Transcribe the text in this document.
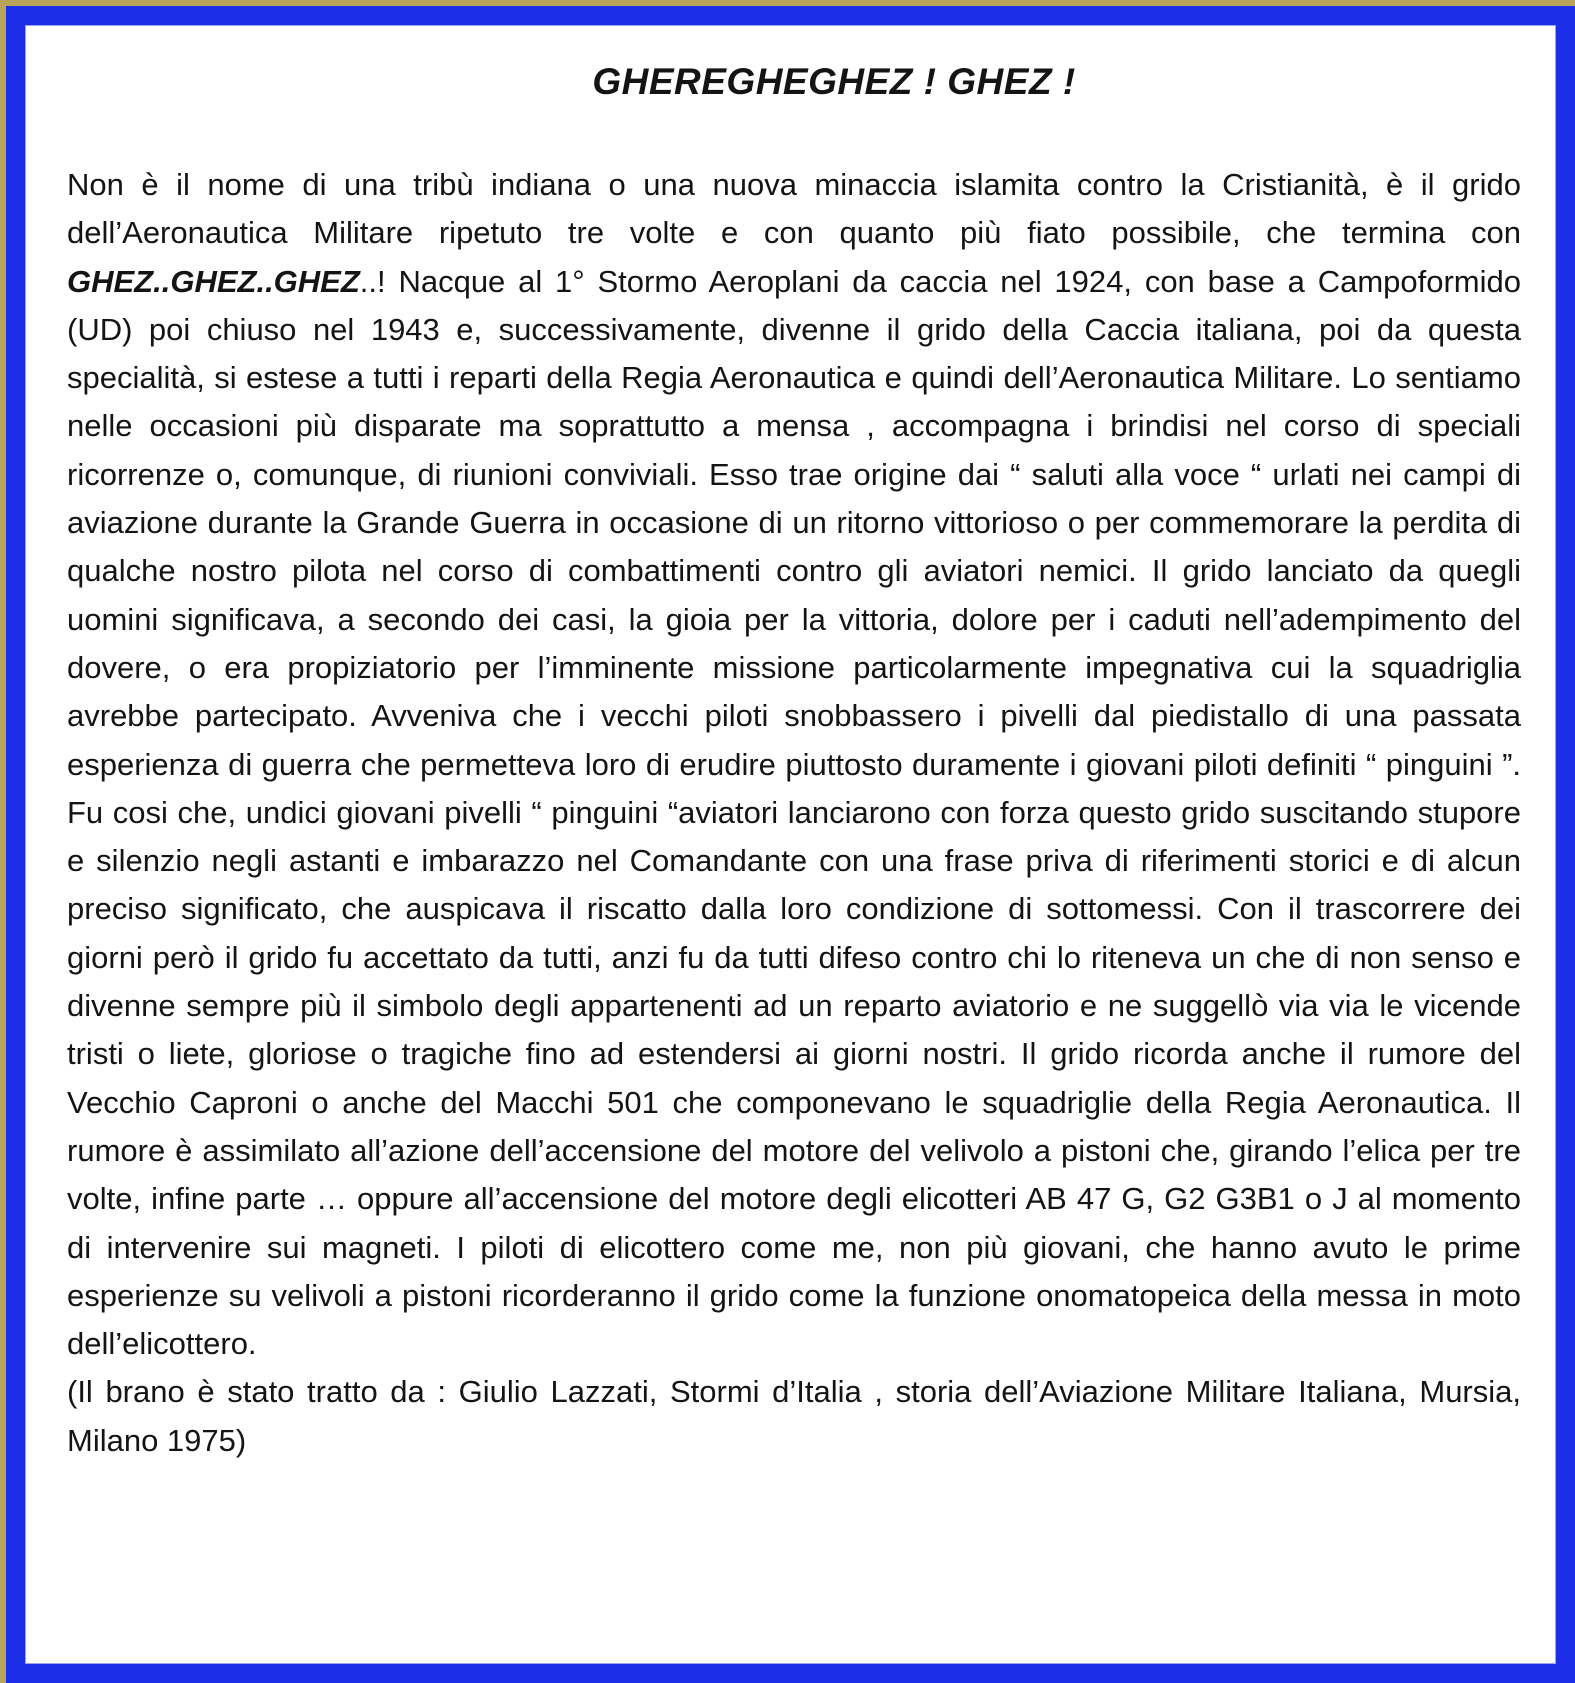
GHEREGHEGHEZ ! GHEZ !

Non è il nome di una tribù indiana o una nuova minaccia islamita contro la Cristianità, è il grido dell’Aeronautica Militare ripetuto tre volte e con quanto più fiato possibile, che termina con GHEZ..GHEZ..GHEZ..! Nacque al 1° Stormo Aeroplani da caccia nel 1924, con base a Campoformido (UD) poi chiuso nel 1943 e, successivamente, divenne il grido della Caccia italiana, poi da questa specialità, si estese a tutti i reparti della Regia Aeronautica e quindi dell’Aeronautica Militare. Lo sentiamo nelle occasioni più disparate ma soprattutto a mensa , accompagna i brindisi nel corso di speciali ricorrenze o, comunque, di riunioni conviviali. Esso trae origine dai “ saluti alla voce “ urlati nei campi di aviazione durante la Grande Guerra in occasione di un ritorno vittorioso o per commemorare la perdita di qualche nostro pilota nel corso di combattimenti contro gli aviatori nemici. Il grido lanciato da quegli uomini significava, a secondo dei casi, la gioia per la vittoria, dolore per i caduti nell’adempimento del dovere, o era propiziatorio per l’imminente missione particolarmente impegnativa cui la squadriglia avrebbe partecipato. Avveniva che i vecchi piloti snobbassero i pivelli dal piedistallo di una passata esperienza di guerra che permetteva loro di erudire piuttosto duramente i giovani piloti definiti “ pinguini ”. Fu cosi che, undici giovani pivelli “ pinguini “aviatori lanciarono con forza questo grido suscitando stupore e silenzio negli astanti e imbarazzo nel Comandante con una frase priva di riferimenti storici e di alcun preciso significato, che auspicava il riscatto dalla loro condizione di sottomessi. Con il trascorrere dei giorni però il grido fu accettato da tutti, anzi fu da tutti difeso contro chi lo riteneva un che di non senso e divenne sempre più il simbolo degli appartenenti ad un reparto aviatorio e ne suggellò via via le vicende tristi o liete, gloriose o tragiche fino ad estendersi ai giorni nostri. Il grido ricorda anche il rumore del Vecchio Caproni o anche del Macchi 501 che componevano le squadriglie della Regia Aeronautica. Il rumore è assimilato all’azione dell’accensione del motore del velivolo a pistoni che, girando l’elica per tre volte, infine parte … oppure all’accensione del motore degli elicotteri AB 47 G, G2 G3B1 o J al momento di intervenire sui magneti. I piloti di elicottero come me, non più giovani, che hanno avuto le prime esperienze su velivoli a pistoni ricorderanno il grido come la funzione onomatopeica della messa in moto dell’elicottero.

(Il brano è stato tratto da : Giulio Lazzati, Stormi d’Italia , storia dell’Aviazione Militare Italiana, Mursia, Milano 1975)
